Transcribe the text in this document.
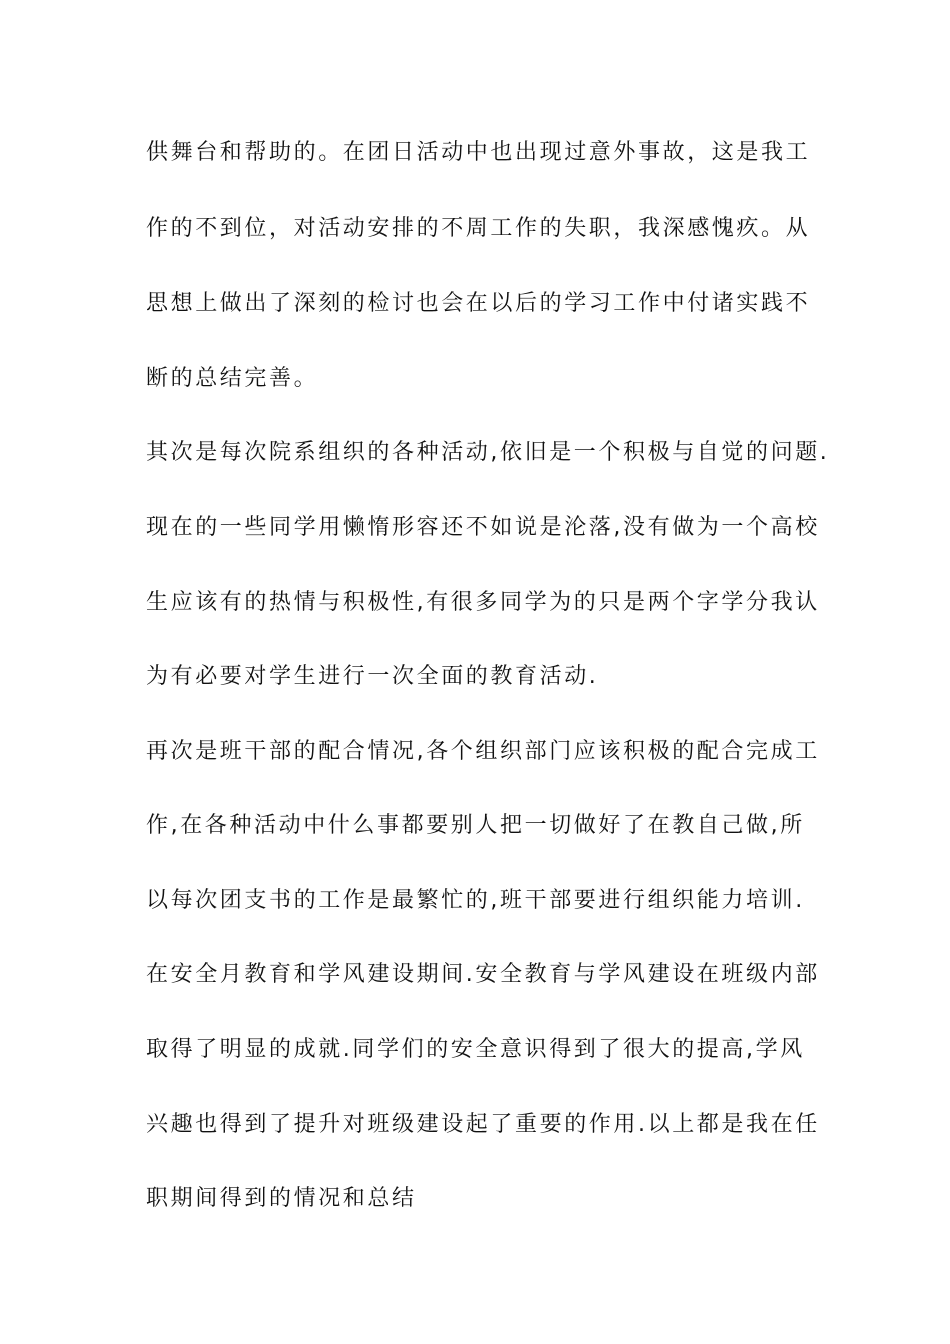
供舞台和帮助的。在团日活动中也出现过意外事故，这是我工
作的不到位，对活动安排的不周工作的失职，我深感愧疚。从
思想上做出了深刻的检讨也会在以后的学习工作中付诸实践不
断的总结完善。
其次是每次院系组织的各种活动,依旧是一个积极与自觉的问题.
现在的一些同学用懒惰形容还不如说是沦落,没有做为一个高校
生应该有的热情与积极性,有很多同学为的只是两个字学分我认
为有必要对学生进行一次全面的教育活动.
再次是班干部的配合情况,各个组织部门应该积极的配合完成工
作,在各种活动中什么事都要别人把一切做好了在教自己做,所
以每次团支书的工作是最繁忙的,班干部要进行组织能力培训.
在安全月教育和学风建设期间.安全教育与学风建设在班级内部
取得了明显的成就.同学们的安全意识得到了很大的提高,学风
兴趣也得到了提升对班级建设起了重要的作用.以上都是我在任
职期间得到的情况和总结
